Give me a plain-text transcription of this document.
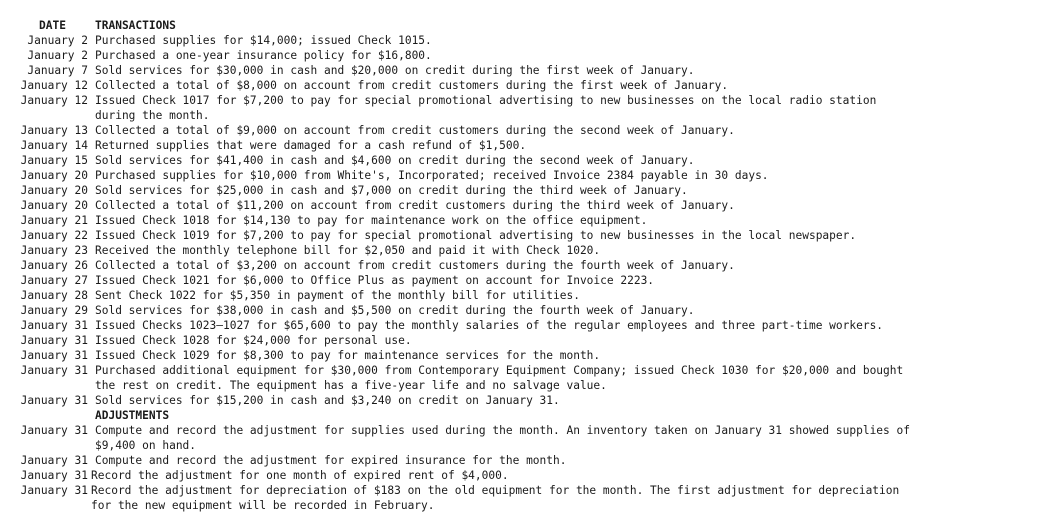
DATE

	TRANSACTIONS

January 2 Purchased supplies for $14,000; issued Check 1015.
January 2 Purchased a one-year insurance policy for $16,800.
January 7 Sold services for $30,000 in cash and $20,000 on credit during the first week of January.
January 12 Collected a total of $8,000 on account from credit customers during the first week of January.
January 12 Issued Check 1017 for $7,200 to pay for special promotional advertising to new businesses on the local radio station
during the month.
January 13 Collected a total of $9,000 on account from credit customers during the second week of January.
January 14 Returned supplies that were damaged for a cash refund of $1,500.
January 15 Sold services for $41,400 in cash and $4,600 on credit during the second week of January.
January 20 Purchased supplies for $10,000 from White's, Incorporated; received Invoice 2384 payable in 30 days.
January 20 Sold services for $25,000 in cash and $7,000 on credit during the third week of January.
January 20 Collected a total of $11,200 on account from credit customers during the third week of January.
January 21 Issued Check 1018 for $14,130 to pay for maintenance work on the office equipment.
January 22 Issued Check 1019 for $7,200 to pay for special promotional advertising to new businesses in the local newspaper.
January 23 Received the monthly telephone bill for $2,050 and paid it with Check 1020.
January 26 Collected a total of $3,200 on account from credit customers during the fourth week of January.
January 27 Issued Check 1021 for $6,000 to Office Plus as payment on account for Invoice 2223.
January 28 Sent Check 1022 for $5,350 in payment of the monthly bill for utilities.
January 29 Sold services for $38,000 in cash and $5,500 on credit during the fourth week of January.
January 31 Issued Checks 1023–1027 for $65,600 to pay the monthly salaries of the regular employees and three part-time workers.
January 31 Issued Check 1028 for $24,000 for personal use.
January 31 Issued Check 1029 for $8,300 to pay for maintenance services for the month.
January 31 Purchased additional equipment for $30,000 from Contemporary Equipment Company; issued Check 1030 for $20,000 and bought
the rest on credit. The equipment has a five-year life and no salvage value.
January 31 Sold services for $15,200 in cash and $3,240 on credit on January 31.

ADJUSTMENTS

January 31 Compute and record the adjustment for supplies used during the month. An inventory taken on January 31 showed supplies of
$9,400 on hand.
January 31 Compute and record the adjustment for expired insurance for the month.
January 31 Record the adjustment for one month of expired rent of $4,000.
January 31 Record the adjustment for depreciation of $183 on the old equipment for the month. The first adjustment for depreciation
for the new equipment will be recorded in February.
